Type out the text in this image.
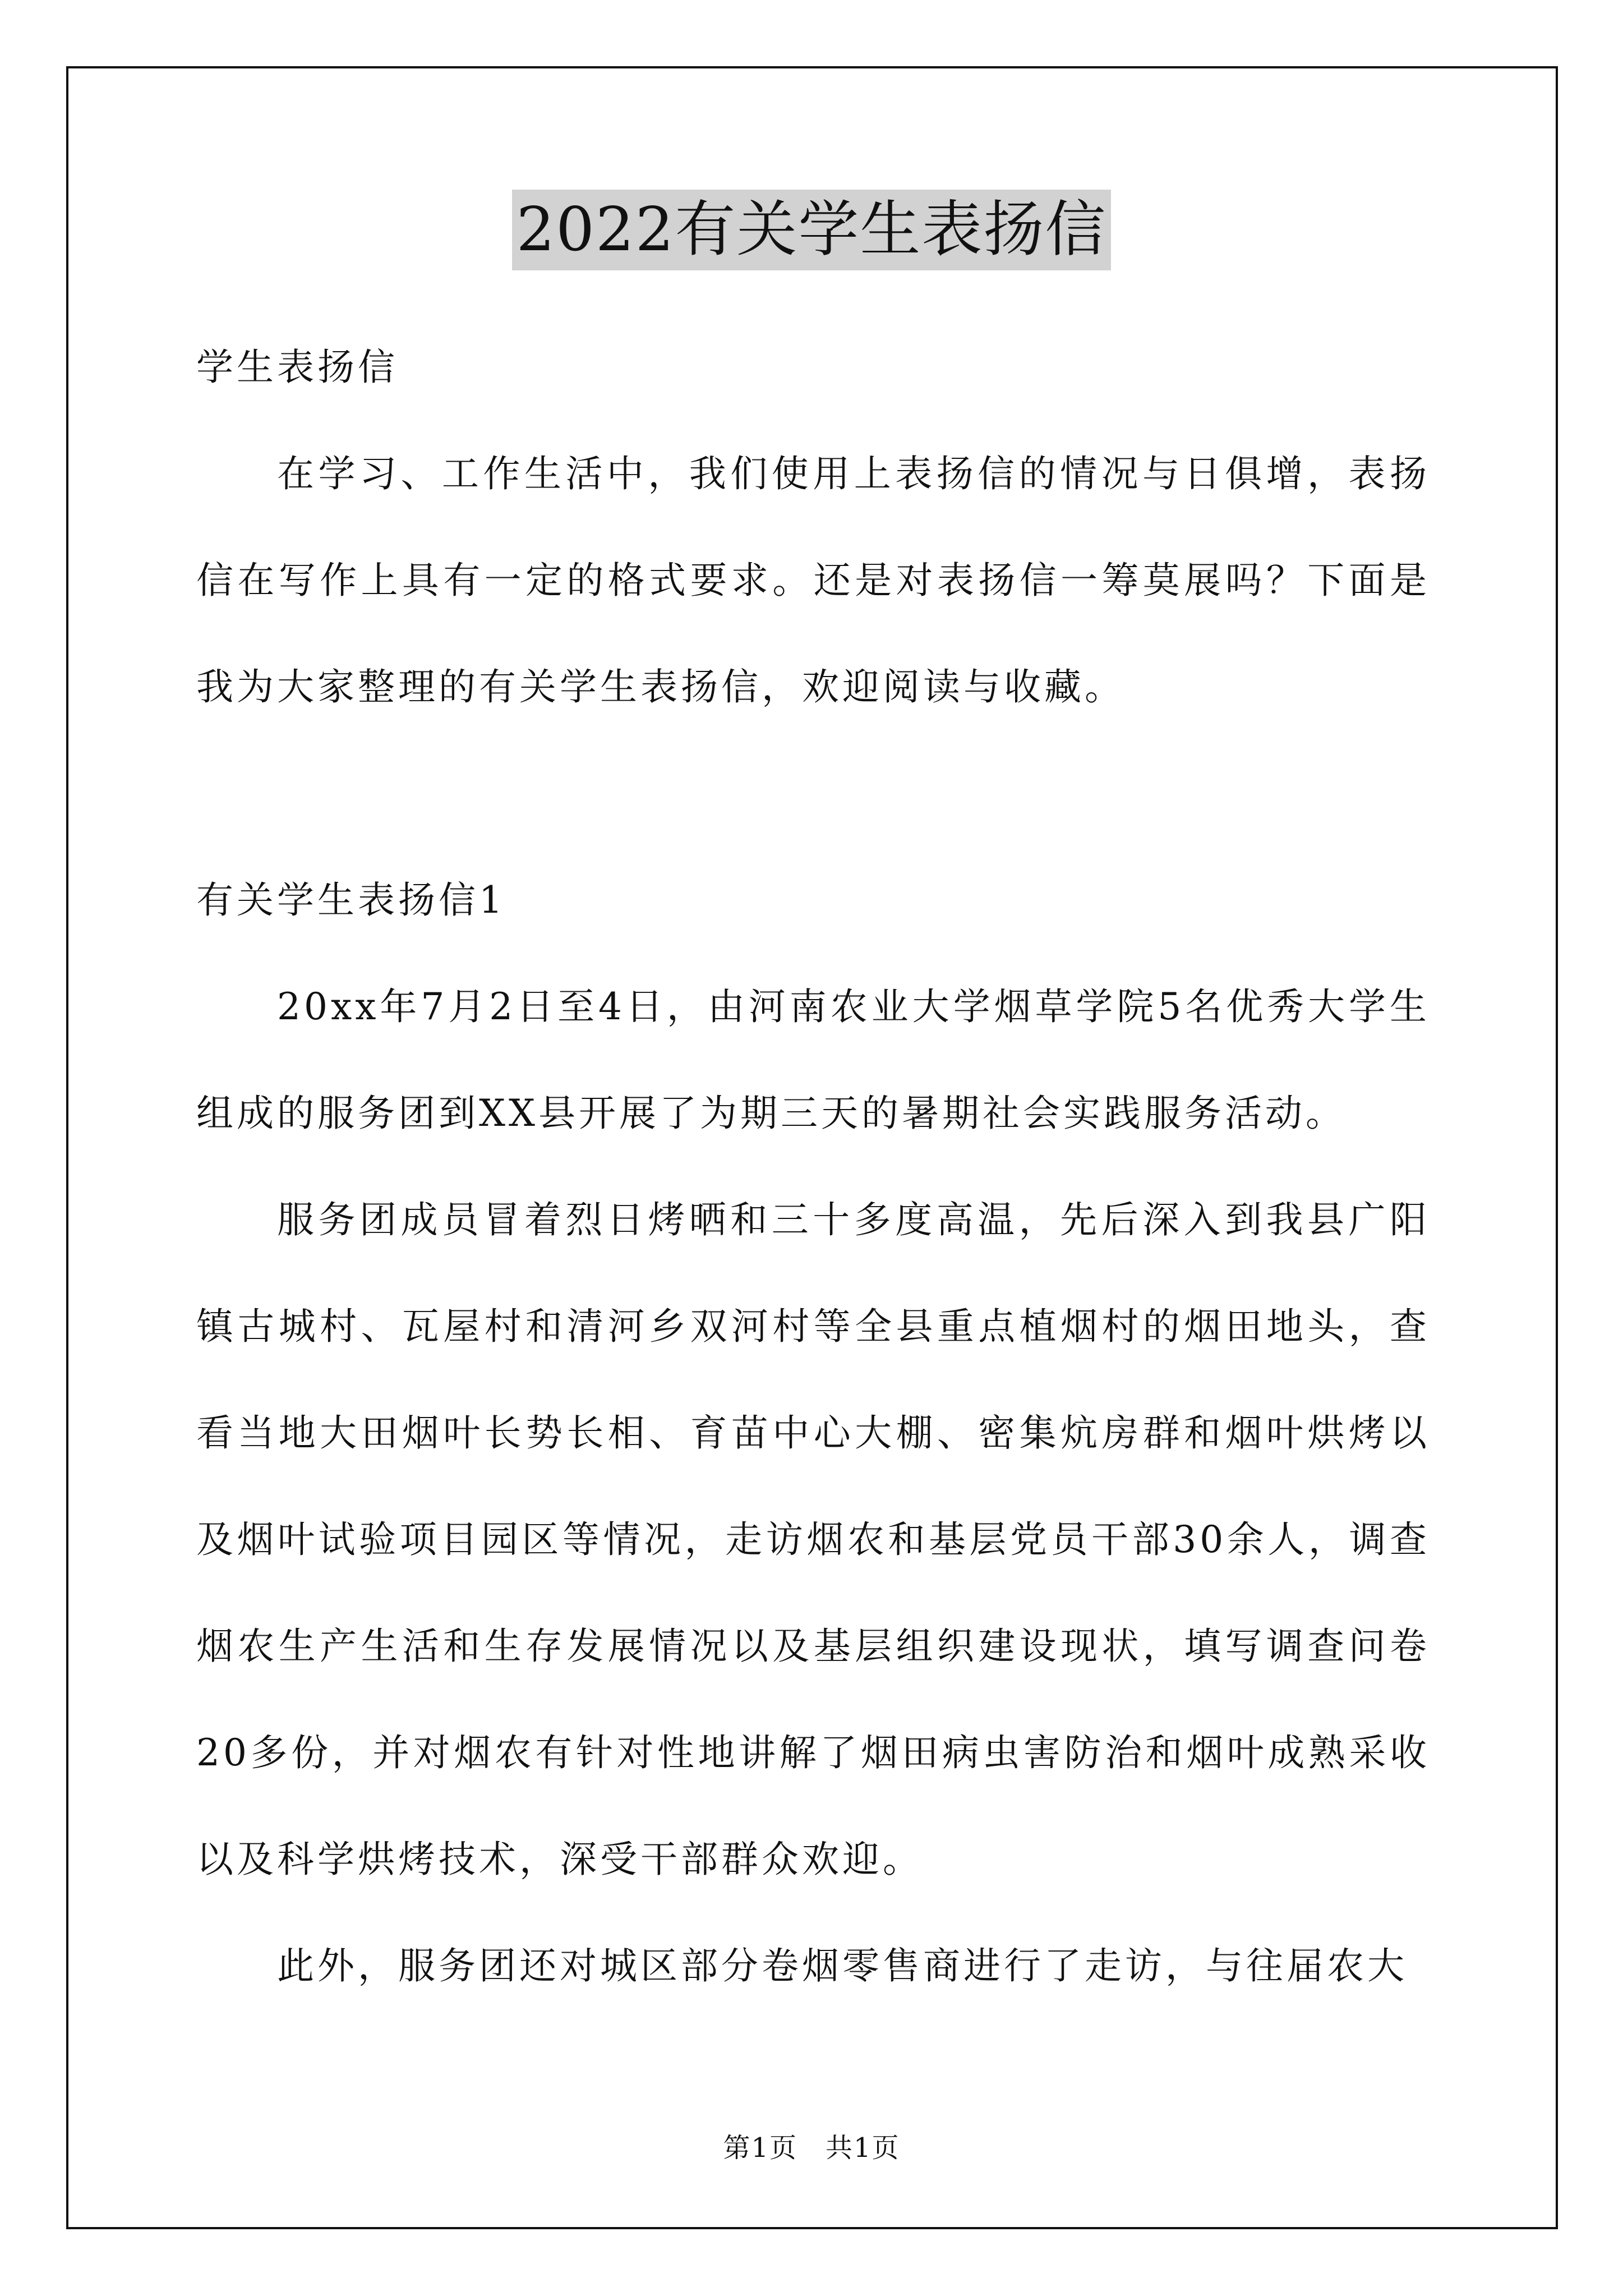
2022有关学生表扬信

学生表扬信

在学习、工作生活中，我们使用上表扬信的情况与日俱增，表扬信在写作上具有一定的格式要求。还是对表扬信一筹莫展吗？下面是我为大家整理的有关学生表扬信，欢迎阅读与收藏。

有关学生表扬信1

20xx年7月2日至4日，由河南农业大学烟草学院5名优秀大学生组成的服务团到XX县开展了为期三天的暑期社会实践服务活动。

服务团成员冒着烈日烤晒和三十多度高温，先后深入到我县广阳镇古城村、瓦屋村和清河乡双河村等全县重点植烟村的烟田地头，查看当地大田烟叶长势长相、育苗中心大棚、密集炕房群和烟叶烘烤以及烟叶试验项目园区等情况，走访烟农和基层党员干部30余人，调查烟农生产生活和生存发展情况以及基层组织建设现状，填写调查问卷20多份，并对烟农有针对性地讲解了烟田病虫害防治和烟叶成熟采收以及科学烘烤技术，深受干部群众欢迎。

此外，服务团还对城区部分卷烟零售商进行了走访，与往届农大

第1页　共1页
